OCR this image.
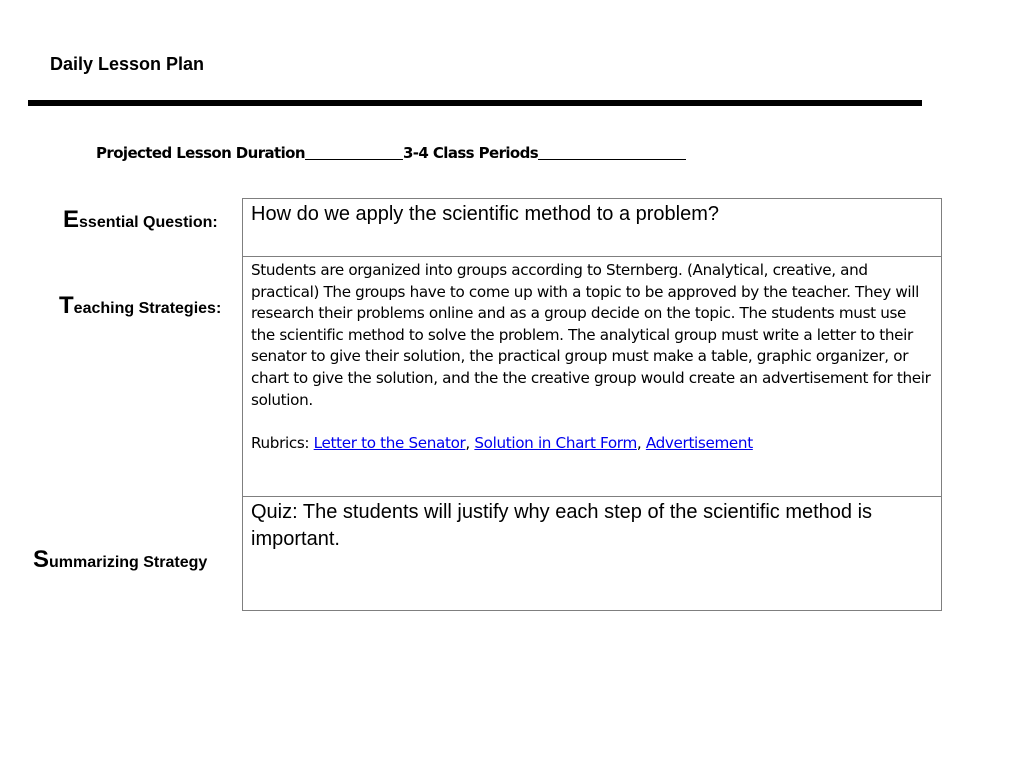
Daily Lesson Plan
Projected Lesson Duration	3-4 Class Periods
Essential Question:
Teaching Strategies:
Summarizing Strategy
How do we apply the scientific method to a problem?

Students are organized into groups according to Sternberg. (Analytical, creative, and practical) The groups have to come up with a topic to be approved by the teacher. They will research their problems online and as a group decide on the topic. The students must use the scientific method to solve the problem. The analytical group must write a letter to their senator to give their solution, the practical group must make a table, graphic organizer, or chart to give the solution, and the the creative group would create an advertisement for their solution.

Rubrics: Letter to the Senator, Solution in Chart Form, Advertisement

Quiz: The students will justify why each step of the scientific method is important.
